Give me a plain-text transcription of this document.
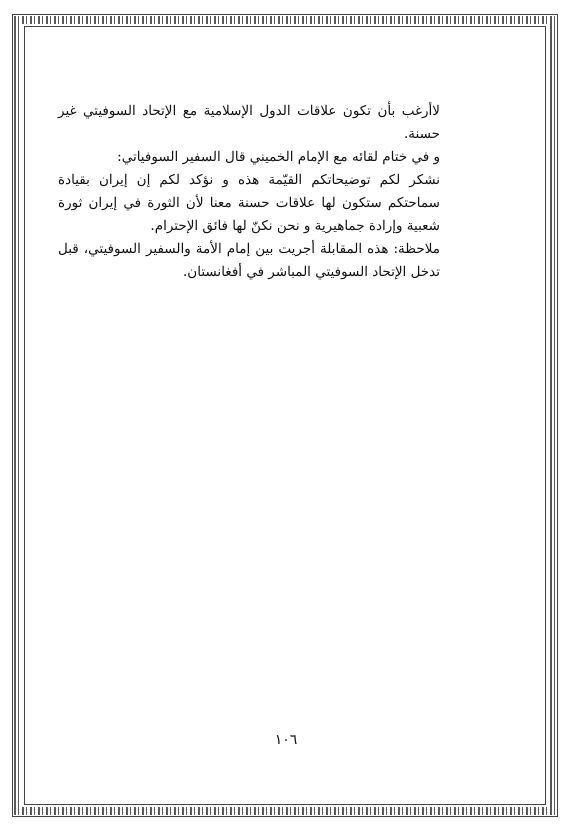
لاأرغب بأن تكون علاقات الدول الإسلامية مع الإتحاد السوفيتي غير حسنة.

و في ختام لقائه مع الإمام الخميني قال السفير السوفياتي:

نشكر لكم توضيحاتكم القيّمة هذه و نؤكد لكم إن إيران بقيادة سماحتكم ستكون لها علاقات حسنة معنا لأن الثورة في إيران ثورة شعبية وإرادة جماهيرية و نحن نكنّ لها فائق الإحترام.

ملاحظة: هذه المقابلة أجريت بين إمام الأمة والسفير السوفيتي، قبل تدخل الإتحاد السوفيتي المباشر في أفغانستان.

١٠٦
